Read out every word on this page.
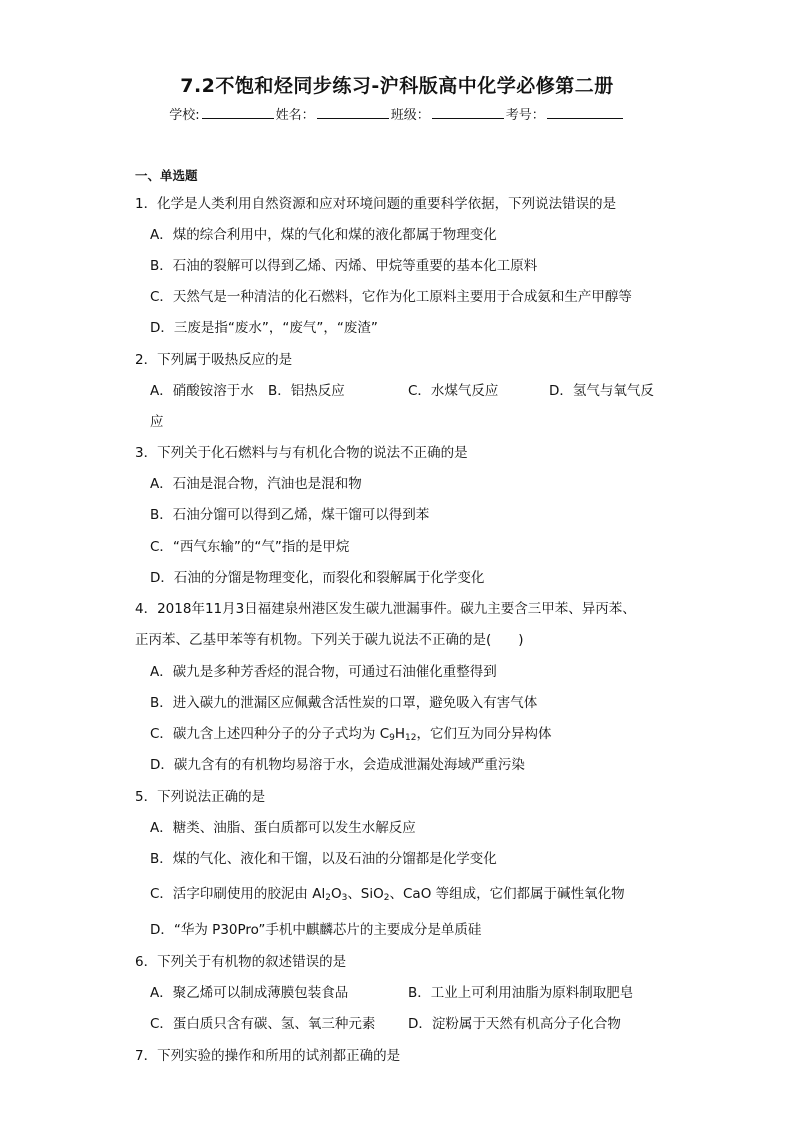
7.2不饱和烃同步练习-沪科版高中化学必修第二册
学校:	姓名：	班级：	考号：
一、单选题
1．化学是人类利用自然资源和应对环境问题的重要科学依据，下列说法错误的是
A．煤的综合利用中，煤的气化和煤的液化都属于物理变化
B．石油的裂解可以得到乙烯、丙烯、甲烷等重要的基本化工原料
C．天然气是一种清洁的化石燃料，它作为化工原料主要用于合成氨和生产甲醇等
D．三废是指“废水”，“废气”，“废渣”
2．下列属于吸热反应的是
A．硝酸铵溶于水 B．铝热反应	C．水煤气反应	D．氢气与氧气反
应
3．下列关于化石燃料与与有机化合物的说法不正确的是
A．石油是混合物，汽油也是混和物
B．石油分馏可以得到乙烯，煤干馏可以得到苯
C．“西气东输”的“气”指的是甲烷
D．石油的分馏是物理变化，而裂化和裂解属于化学变化
4．2018年11月3日福建泉州港区发生碳九泄漏事件。碳九主要含三甲苯、异丙苯、
正丙苯、乙基甲苯等有机物。下列关于碳九说法不正确的是(　　)
A．碳九是多种芳香烃的混合物，可通过石油催化重整得到
B．进入碳九的泄漏区应佩戴含活性炭的口罩，避免吸入有害气体
C．碳九含上述四种分子的分子式均为 $C_9H_{12}$，它们互为同分异构体
D．碳九含有的有机物均易溶于水，会造成泄漏处海域严重污染
5．下列说法正确的是
A．糖类、油脂、蛋白质都可以发生水解反应
B．煤的气化、液化和干馏，以及石油的分馏都是化学变化
C．活字印刷使用的胶泥由 $Al_2O_3$、SiO$_2$、CaO 等组成，它们都属于碱性氧化物
D．“华为 P30Pro”手机中麒麟芯片的主要成分是单质硅
6．下列关于有机物的叙述错误的是
A．聚乙烯可以制成薄膜包装食品	B．工业上可利用油脂为原料制取肥皂
C．蛋白质只含有碳、氢、氧三种元素 D．淀粉属于天然有机高分子化合物
7．下列实验的操作和所用的试剂都正确的是
